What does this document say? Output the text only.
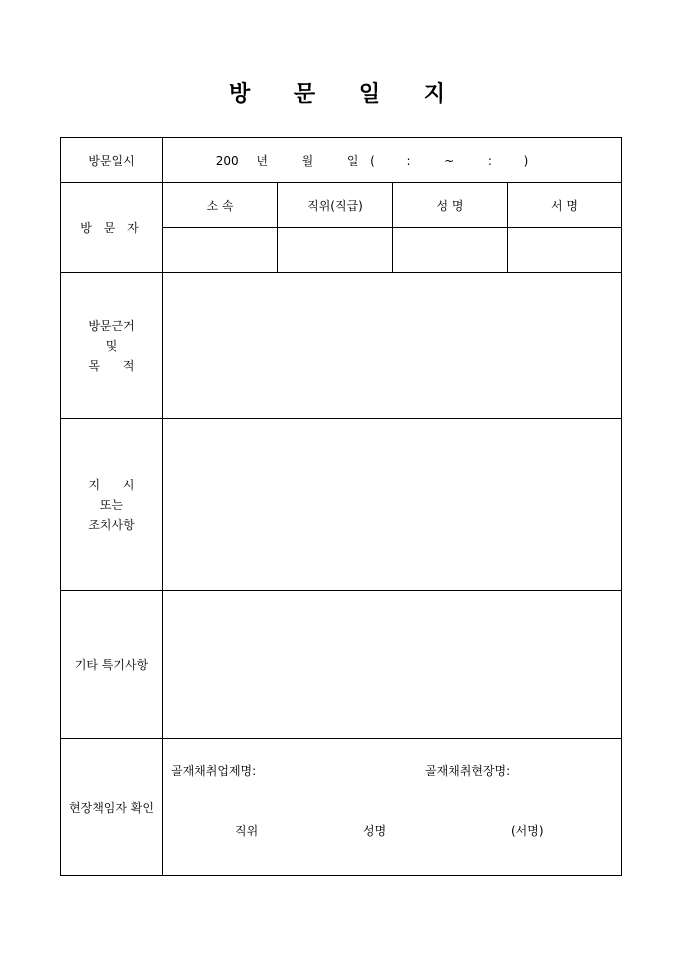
방 문 일 지
방문일시	200 년 월 일 ( : ~ : )			
방 문 자	소 속	직위(직급)	성 명	서 명

방문근거
및
목      적				

지      시
또는
조치사항				

기타 특기사항				
현장책임자 확인	골재채취업제명: 골재채취현장명:
직위 성명 (서명)			
